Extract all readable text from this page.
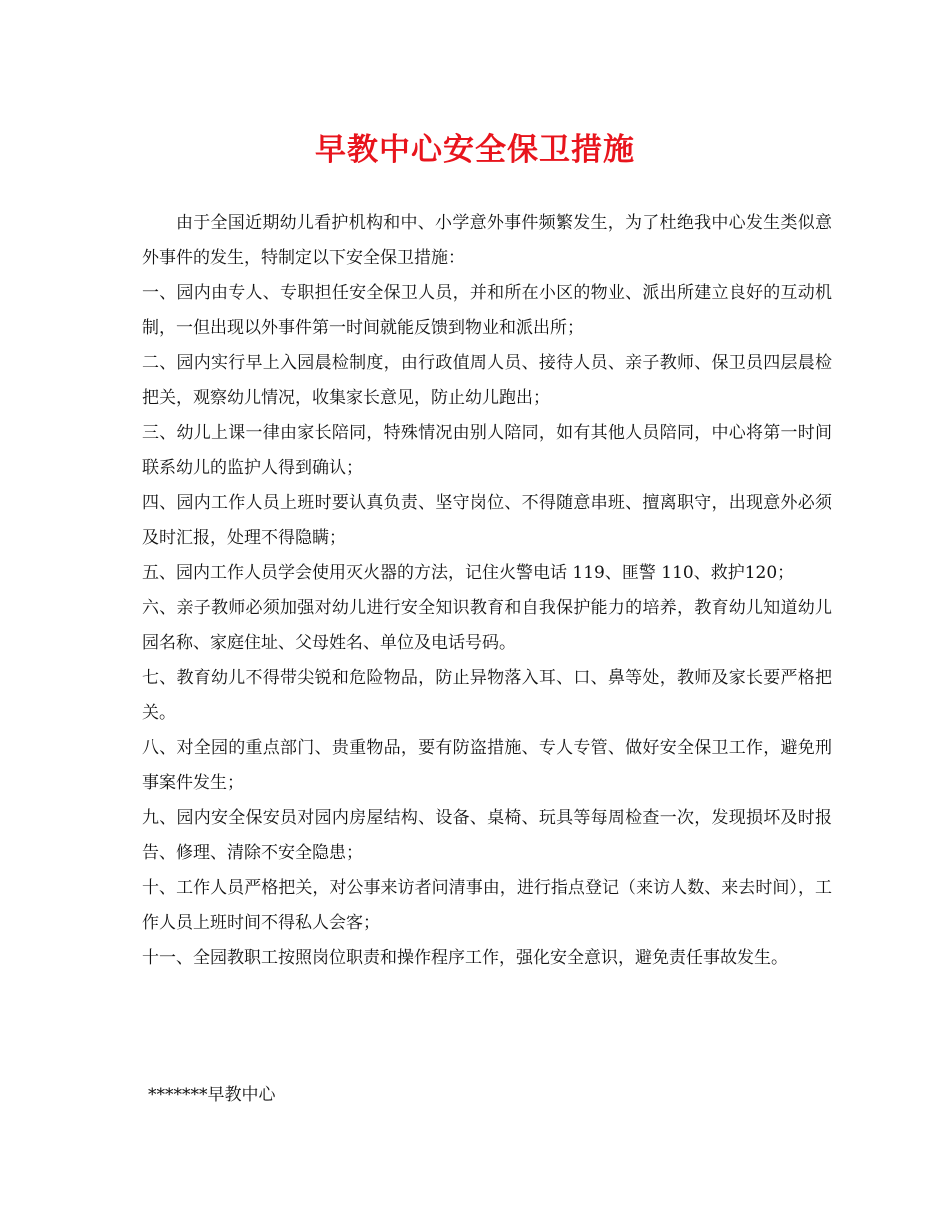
早教中心安全保卫措施

由于全国近期幼儿看护机构和中、小学意外事件频繁发生，为了杜绝我中心发生类似意外事件的发生，特制定以下安全保卫措施：

一、园内由专人、专职担任安全保卫人员，并和所在小区的物业、派出所建立良好的互动机制，一但出现以外事件第一时间就能反馈到物业和派出所；

二、园内实行早上入园晨检制度，由行政值周人员、接待人员、亲子教师、保卫员四层晨检把关，观察幼儿情况，收集家长意见，防止幼儿跑出；

三、幼儿上课一律由家长陪同，特殊情况由别人陪同，如有其他人员陪同，中心将第一时间联系幼儿的监护人得到确认；

四、园内工作人员上班时要认真负责、坚守岗位、不得随意串班、擅离职守，出现意外必须及时汇报，处理不得隐瞒；

五、园内工作人员学会使用灭火器的方法，记住火警电话 119、匪警 110、救护120；

六、亲子教师必须加强对幼儿进行安全知识教育和自我保护能力的培养，教育幼儿知道幼儿园名称、家庭住址、父母姓名、单位及电话号码。

七、教育幼儿不得带尖锐和危险物品，防止异物落入耳、口、鼻等处，教师及家长要严格把关。

八、对全园的重点部门、贵重物品，要有防盗措施、专人专管、做好安全保卫工作，避免刑事案件发生；

九、园内安全保安员对园内房屋结构、设备、桌椅、玩具等每周检查一次，发现损坏及时报告、修理、清除不安全隐患；

十、工作人员严格把关，对公事来访者问清事由，进行指点登记（来访人数、来去时间），工作人员上班时间不得私人会客；

十一、全园教职工按照岗位职责和操作程序工作，强化安全意识，避免责任事故发生。

*******早教中心
